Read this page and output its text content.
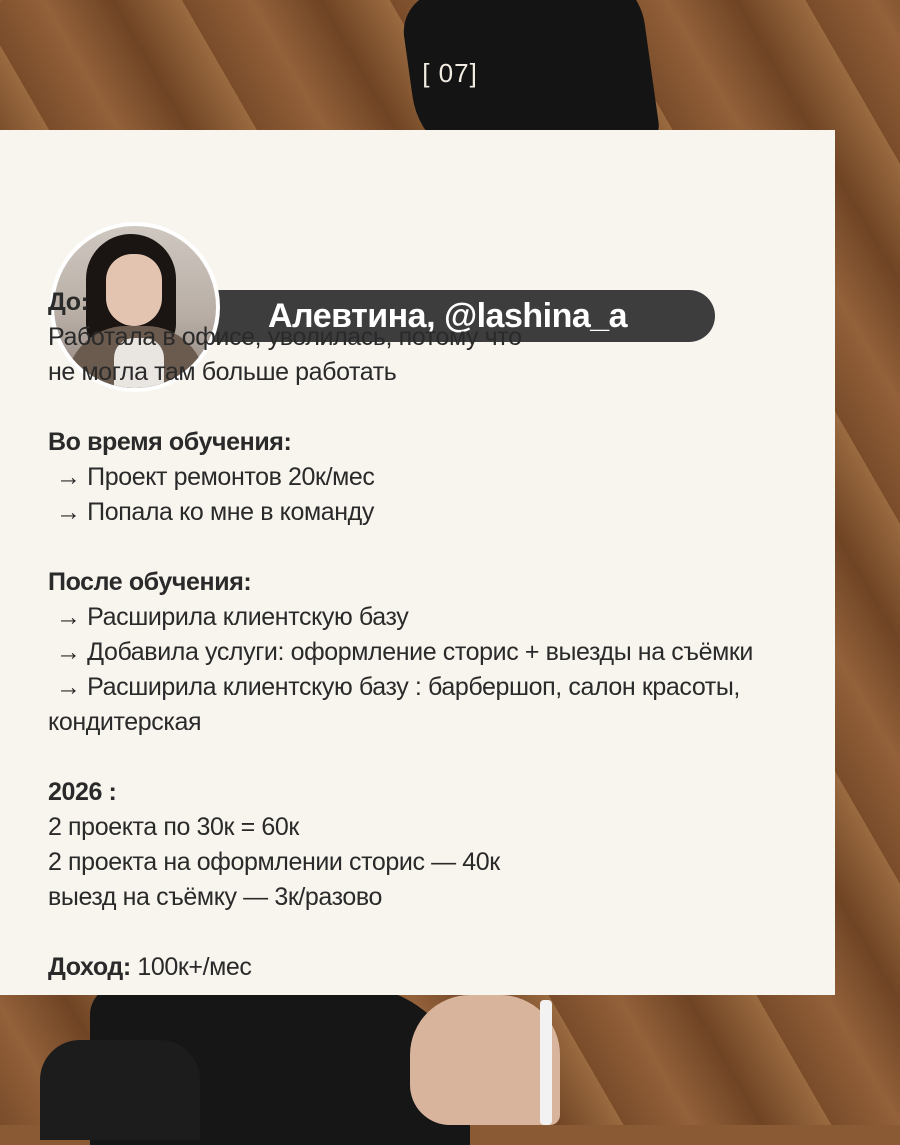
[ 07]
Алевтина, @lashina_a
До:
Работала в офисе, уволилась, потому что
не могла там больше работать
Во время обучения:
→ Проект ремонтов 20к/мес
→ Попала ко мне в команду
После обучения:
→ Расширила клиентскую базу
→ Добавила услуги: оформление сторис + выезды на съёмки
→ Расширила клиентскую базу : барбершоп, салон красоты,
кондитерская
2026 :
2 проекта по 30к = 60к
2 проекта на оформлении сторис — 40к
выезд на съёмку — 3к/разово
Доход: 100к+/мес
